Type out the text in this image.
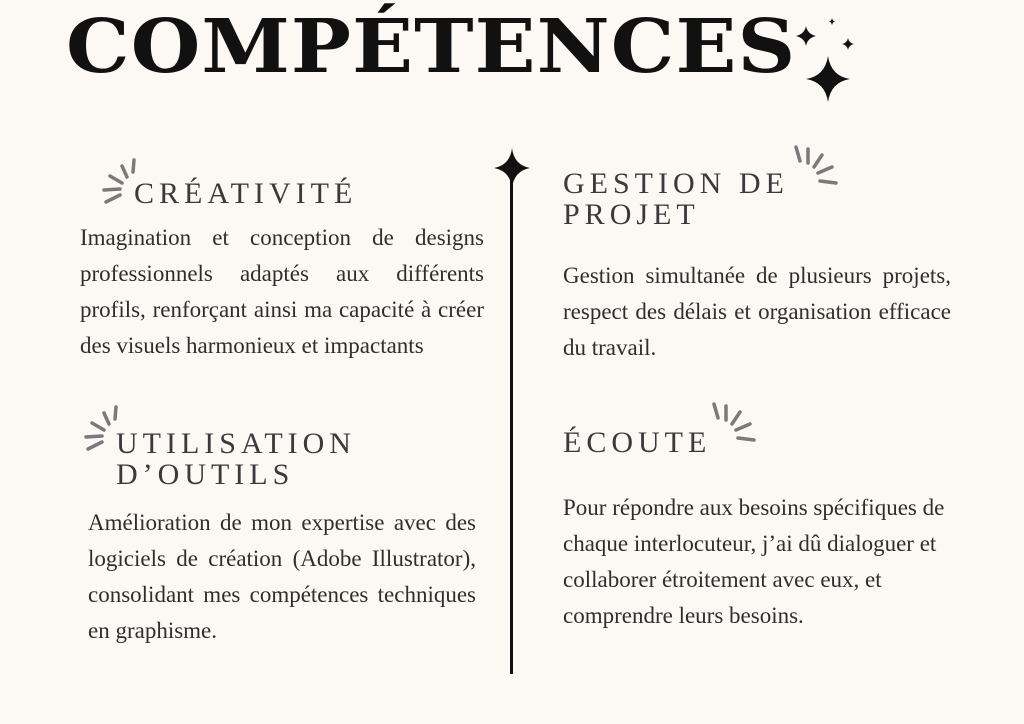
COMPÉTENCES
CRÉATIVITÉ

Imagination et conception de designs professionnels adaptés aux différents profils, renforçant ainsi ma capacité à créer des visuels harmonieux et impactants

GESTION DE PROJET

Gestion simultanée de plusieurs projets, respect des délais et organisation efficace du travail.

UTILISATION D’OUTILS

Amélioration de mon expertise avec des logiciels de création (Adobe Illustrator), consolidant mes compétences techniques en graphisme.

ÉCOUTE

Pour répondre aux besoins spécifiques de chaque interlocuteur, j’ai dû dialoguer et collaborer étroitement avec eux, et comprendre leurs besoins.
